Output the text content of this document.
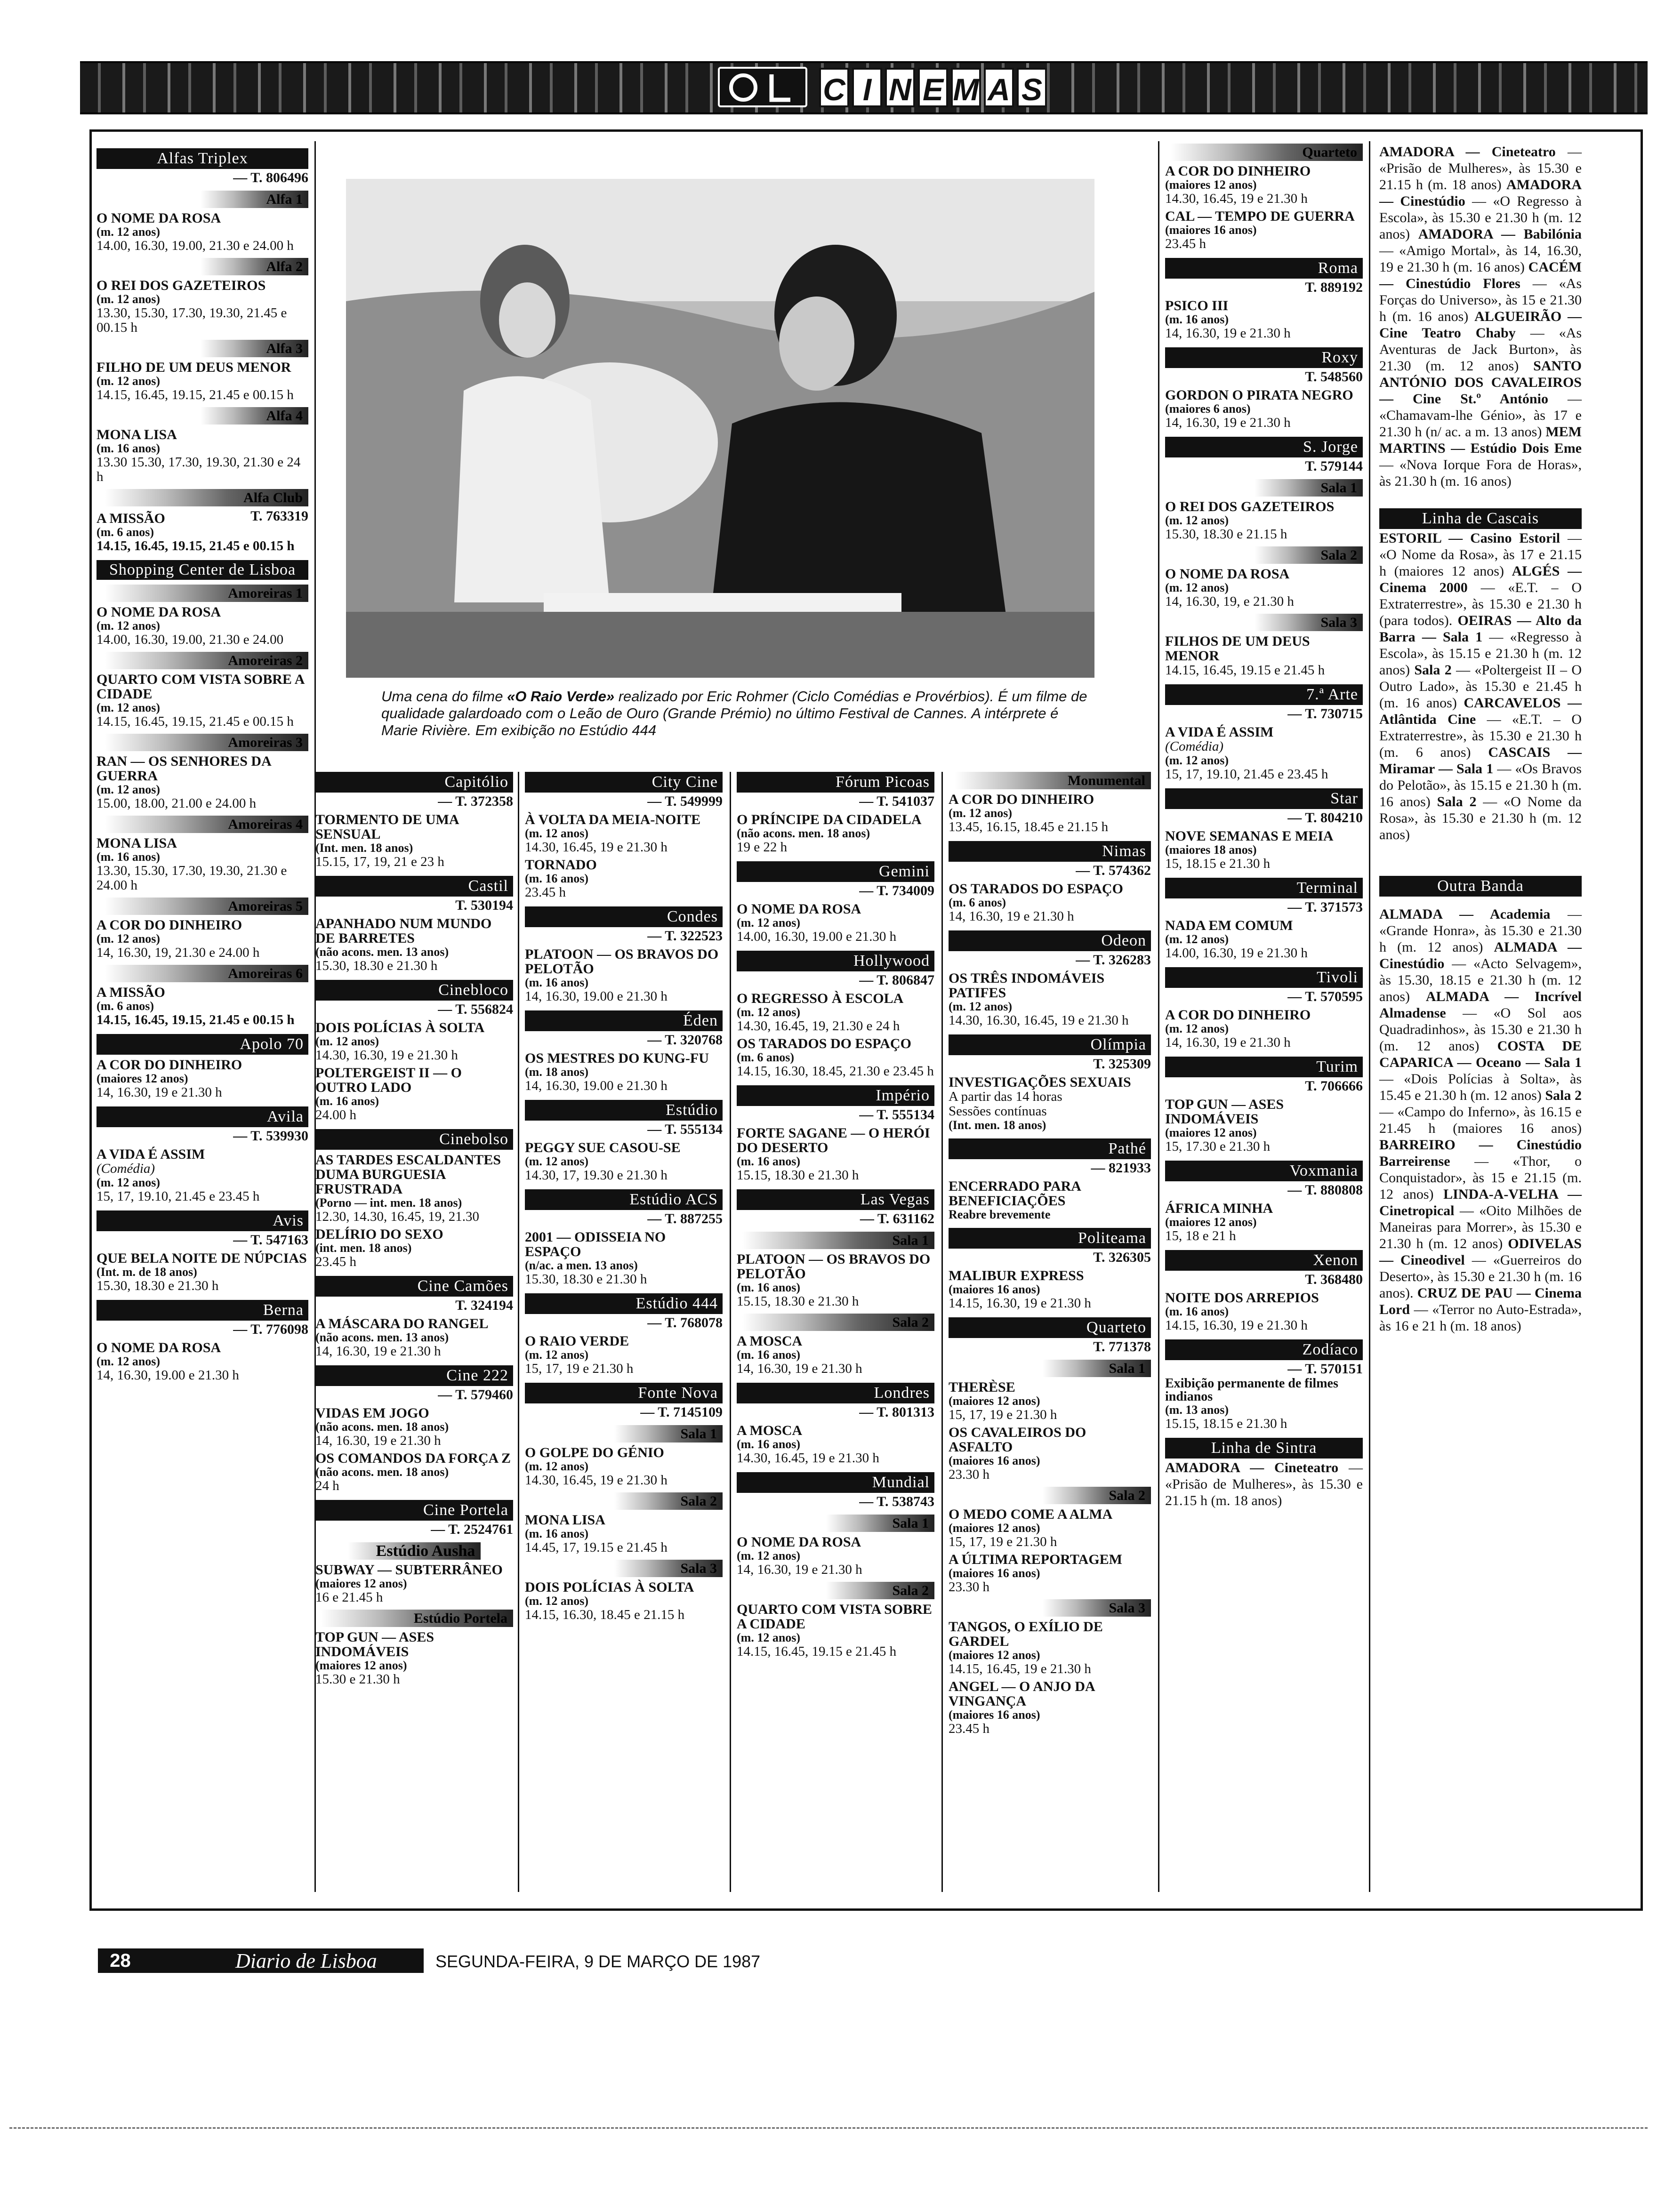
C I N E M A S
Uma cena do filme «O Raio Verde» realizado por Eric Rohmer (Ciclo Comédias e Provérbios). É um filme de qualidade galardoado com o Leão de Ouro (Grande Prémio) no último Festival de Cannes. A intérprete é Marie Rivière. Em exibição no Estúdio 444
Alfas Triplex
— T. 806496
Alfa 1
O NOME DA ROSA
(m. 12 anos)
14.00, 16.30, 19.00, 21.30 e 24.00 h
Alfa 2
O REI DOS GAZETEIROS
(m. 12 anos)
13.30, 15.30, 17.30, 19.30, 21.45 e 00.15 h
Alfa 3
FILHO DE UM DEUS MENOR
(m. 12 anos)
14.15, 16.45, 19.15, 21.45 e 00.15 h
Alfa 4
MONA LISA
(m. 16 anos)
13.30 15.30, 17.30, 19.30, 21.30 e 24 h
Alfa Club
A MISSÃO	T. 763319
(m. 6 anos)
14.15, 16.45, 19.15, 21.45 e 00.15 h
Shopping Center de Lisboa
Amoreiras 1
O NOME DA ROSA
(m. 12 anos)
14.00, 16.30, 19.00, 21.30 e 24.00
Amoreiras 2
QUARTO COM VISTA SOBRE A CIDADE
(m. 12 anos)
14.15, 16.45, 19.15, 21.45 e 00.15 h
Amoreiras 3
RAN — OS SENHORES DA GUERRA
(m. 12 anos)
15.00, 18.00, 21.00 e 24.00 h
Amoreiras 4
MONA LISA
(m. 16 anos)
13.30, 15.30, 17.30, 19.30, 21.30 e 24.00 h
Amoreiras 5
A COR DO DINHEIRO
(m. 12 anos)
14, 16.30, 19, 21.30 e 24.00 h
Amoreiras 6
A MISSÃO
(m. 6 anos)
14.15, 16.45, 19.15, 21.45 e 00.15 h
Apolo 70
A COR DO DINHEIRO
(maiores 12 anos)
14, 16.30, 19 e 21.30 h
Avila
— T. 539930
A VIDA É ASSIM
(Comédia)
(m. 12 anos)
15, 17, 19.10, 21.45 e 23.45 h
Avis
— T. 547163
QUE BELA NOITE DE NÚPCIAS
(Int. m. de 18 anos)
15.30, 18.30 e 21.30 h
Berna
— T. 776098
O NOME DA ROSA
(m. 12 anos)
14, 16.30, 19.00 e 21.30 h
Capitólio
— T. 372358
TORMENTO DE UMA SENSUAL
(Int. men. 18 anos)
15.15, 17, 19, 21 e 23 h
Castil
T. 530194
APANHADO NUM MUNDO DE BARRETES
(não acons. men. 13 anos)
15.30, 18.30 e 21.30 h
Cinebloco
— T. 556824
DOIS POLÍCIAS À SOLTA
(m. 12 anos)
14.30, 16.30, 19 e 21.30 h
POLTERGEIST II — O OUTRO LADO
(m. 16 anos)
24.00 h
Cinebolso
AS TARDES ESCALDANTES DUMA BURGUESIA FRUSTRADA
(Porno — int. men. 18 anos)
12.30, 14.30, 16.45, 19, 21.30
DELÍRIO DO SEXO
(int. men. 18 anos)
23.45 h
Cine Camões
T. 324194
A MÁSCARA DO RANGEL
(não acons. men. 13 anos)
14, 16.30, 19 e 21.30 h
Cine 222
— T. 579460
VIDAS EM JOGO
(não acons. men. 18 anos)
14, 16.30, 19 e 21.30 h
OS COMANDOS DA FORÇA Z
(não acons. men. 18 anos)
24 h
Cine Portela
— T. 2524761
Estúdio Ausha
SUBWAY — SUBTERRÂNEO
(maiores 12 anos)
16 e 21.45 h
Estúdio Portela
TOP GUN — ASES INDOMÁVEIS
(maiores 12 anos)
15.30 e 21.30 h
City Cine
— T. 549999
À VOLTA DA MEIA-NOITE
(m. 12 anos)
14.30, 16.45, 19 e 21.30 h
TORNADO
(m. 16 anos)
23.45 h
Condes
— T. 322523
PLATOON — OS BRAVOS DO PELOTÃO
(m. 16 anos)
14, 16.30, 19.00 e 21.30 h
Éden
— T. 320768
OS MESTRES DO KUNG-FU
(m. 18 anos)
14, 16.30, 19.00 e 21.30 h
Estúdio
— T. 555134
PEGGY SUE CASOU-SE
(m. 12 anos)
14.30, 17, 19.30 e 21.30 h
Estúdio ACS
— T. 887255
2001 — ODISSEIA NO ESPAÇO
(n/ac. a men. 13 anos)
15.30, 18.30 e 21.30 h
Estúdio 444
— T. 768078
O RAIO VERDE
(m. 12 anos)
15, 17, 19 e 21.30 h
Fonte Nova
— T. 7145109
Sala 1
O GOLPE DO GÉNIO
(m. 12 anos)
14.30, 16.45, 19 e 21.30 h
Sala 2
MONA LISA
(m. 16 anos)
14.45, 17, 19.15 e 21.45 h
Sala 3
DOIS POLÍCIAS À SOLTA
(m. 12 anos)
14.15, 16.30, 18.45 e 21.15 h
Fórum Picoas
— T. 541037
O PRÍNCIPE DA CIDADELA
(não acons. men. 18 anos)
19 e 22 h
Gemini
— T. 734009
O NOME DA ROSA
(m. 12 anos)
14.00, 16.30, 19.00 e 21.30 h
Hollywood
— T. 806847
O REGRESSO À ESCOLA
(m. 12 anos)
14.30, 16.45, 19, 21.30 e 24 h
OS TARADOS DO ESPAÇO
(m. 6 anos)
14.15, 16.30, 18.45, 21.30 e 23.45 h
Império
— T. 555134
FORTE SAGANE — O HERÓI DO DESERTO
(m. 16 anos)
15.15, 18.30 e 21.30 h
Las Vegas
— T. 631162
Sala 1
PLATOON — OS BRAVOS DO PELOTÃO
(m. 16 anos)
15.15, 18.30 e 21.30 h
Sala 2
A MOSCA
(m. 16 anos)
14, 16.30, 19 e 21.30 h
Londres
— T. 801313
A MOSCA
(m. 16 anos)
14.30, 16.45, 19 e 21.30 h
Mundial
— T. 538743
Sala 1
O NOME DA ROSA
(m. 12 anos)
14, 16.30, 19 e 21.30 h
Sala 2
QUARTO COM VISTA SOBRE A CIDADE
(m. 12 anos)
14.15, 16.45, 19.15 e 21.45 h
Monumental
A COR DO DINHEIRO
(m. 12 anos)
13.45, 16.15, 18.45 e 21.15 h
Nimas
— T. 574362
OS TARADOS DO ESPAÇO
(m. 6 anos)
14, 16.30, 19 e 21.30 h
Odeon
— T. 326283
OS TRÊS INDOMÁVEIS PATIFES
(m. 12 anos)
14.30, 16.30, 16.45, 19 e 21.30 h
Olímpia
T. 325309
INVESTIGAÇÕES SEXUAIS
A partir das 14 horas
Sessões contínuas
(Int. men. 18 anos)
Pathé
— 821933
ENCERRADO PARA BENEFICIAÇÕES
Reabre brevemente
Politeama
T. 326305
MALIBUR EXPRESS
(maiores 16 anos)
14.15, 16.30, 19 e 21.30 h
Quarteto
T. 771378
Sala 1
THERÈSE
(maiores 12 anos)
15, 17, 19 e 21.30 h
OS CAVALEIROS DO ASFALTO
(maiores 16 anos)
23.30 h
Sala 2
O MEDO COME A ALMA
(maiores 12 anos)
15, 17, 19 e 21.30 h
A ÚLTIMA REPORTAGEM
(maiores 16 anos)
23.30 h
Sala 3
TANGOS, O EXÍLIO DE GARDEL
(maiores 12 anos)
14.15, 16.45, 19 e 21.30 h
ANGEL — O ANJO DA VINGANÇA
(maiores 16 anos)
23.45 h
Quarteto
A COR DO DINHEIRO
(maiores 12 anos)
14.30, 16.45, 19 e 21.30 h
CAL — TEMPO DE GUERRA
(maiores 16 anos)
23.45 h
Roma
T. 889192
PSICO III
(m. 16 anos)
14, 16.30, 19 e 21.30 h
Roxy
T. 548560
GORDON O PIRATA NEGRO
(maiores 6 anos)
14, 16.30, 19 e 21.30 h
S. Jorge
T. 579144
Sala 1
O REI DOS GAZETEIROS
(m. 12 anos)
15.30, 18.30 e 21.15 h
Sala 2
O NOME DA ROSA
(m. 12 anos)
14, 16.30, 19, e 21.30 h
Sala 3
FILHOS DE UM DEUS MENOR
14.15, 16.45, 19.15 e 21.45 h
7.ª Arte
— T. 730715
A VIDA É ASSIM
(Comédia)
(m. 12 anos)
15, 17, 19.10, 21.45 e 23.45 h
Star
— T. 804210
NOVE SEMANAS E MEIA
(maiores 18 anos)
15, 18.15 e 21.30 h
Terminal
— T. 371573
NADA EM COMUM
(m. 12 anos)
14.00, 16.30, 19 e 21.30 h
Tivoli
— T. 570595
A COR DO DINHEIRO
(m. 12 anos)
14, 16.30, 19 e 21.30 h
Turim
T. 706666
TOP GUN — ASES INDOMÁVEIS
(maiores 12 anos)
15, 17.30 e 21.30 h
Voxmania
— T. 880808
ÁFRICA MINHA
(maiores 12 anos)
15, 18 e 21 h
Xenon
T. 368480
NOITE DOS ARREPIOS
(m. 16 anos)
14.15, 16.30, 19 e 21.30 h
Zodíaco
— T. 570151
Exibição permanente de filmes indianos
(m. 13 anos)
15.15, 18.15 e 21.30 h
Linha de Sintra
AMADORA — Cineteatro — «Prisão de Mulheres», às 15.30 e 21.15 h (m. 18 anos)
AMADORA — Cineteatro — «Prisão de Mulheres», às 15.30 e 21.15 h (m. 18 anos) AMADORA — Cinestúdio — «O Regresso à Escola», às 15.30 e 21.30 h (m. 12 anos) AMADORA — Babilónia — «Amigo Mortal», às 14, 16.30, 19 e 21.30 h (m. 16 anos) CACÉM — Cinestúdio Flores — «As Forças do Universo», às 15 e 21.30 h (m. 16 anos) ALGUEIRÃO — Cine Teatro Chaby — «As Aventuras de Jack Burton», às 21.30 (m. 12 anos) SANTO ANTÓNIO DOS CAVALEIROS — Cine St.º António — «Chamavam-lhe Génio», às 17 e 21.30 h (n/ ac. a m. 13 anos) MEM MARTINS — Estúdio Dois Eme — «Nova Iorque Fora de Horas», às 21.30 h (m. 16 anos)
Linha de Cascais
ESTORIL — Casino Estoril — «O Nome da Rosa», às 17 e 21.15 h (maiores 12 anos) ALGÉS — Cinema 2000 — «E.T. – O Extraterrestre», às 15.30 e 21.30 h (para todos). OEIRAS — Alto da Barra — Sala 1 — «Regresso à Escola», às 15.15 e 21.30 h (m. 12 anos) Sala 2 — «Poltergeist II – O Outro Lado», às 15.30 e 21.45 h (m. 16 anos) CARCAVELOS — Atlântida Cine — «E.T. – O Extraterrestre», às 15.30 e 21.30 h (m. 6 anos) CASCAIS — Miramar — Sala 1 — «Os Bravos do Pelotão», às 15.15 e 21.30 h (m. 16 anos) Sala 2 — «O Nome da Rosa», às 15.30 e 21.30 h (m. 12 anos)
Outra Banda
ALMADA — Academia — «Grande Honra», às 15.30 e 21.30 h (m. 12 anos) ALMADA — Cinestúdio — «Acto Selvagem», às 15.30, 18.15 e 21.30 h (m. 12 anos) ALMADA — Incrível Almadense — «O Sol aos Quadradinhos», às 15.30 e 21.30 h (m. 12 anos) COSTA DE CAPARICA — Oceano — Sala 1 — «Dois Polícias à Solta», às 15.45 e 21.30 h (m. 12 anos) Sala 2 — «Campo do Inferno», às 16.15 e 21.45 h (maiores 16 anos) BARREIRO — Cinestúdio Barreirense — «Thor, o Conquistador», às 15 e 21.15 (m. 12 anos) LINDA-A-VELHA — Cinetropical — «Oito Milhões de Maneiras para Morrer», às 15.30 e 21.30 h (m. 12 anos) ODIVELAS — Cineodivel — «Guerreiros do Deserto», às 15.30 e 21.30 h (m. 16 anos). CRUZ DE PAU — Cinema Lord — «Terror no Auto-Estrada», às 16 e 21 h (m. 18 anos)
28	Diario de Lisboa	SEGUNDA-FEIRA, 9 DE MARÇO DE 1987
